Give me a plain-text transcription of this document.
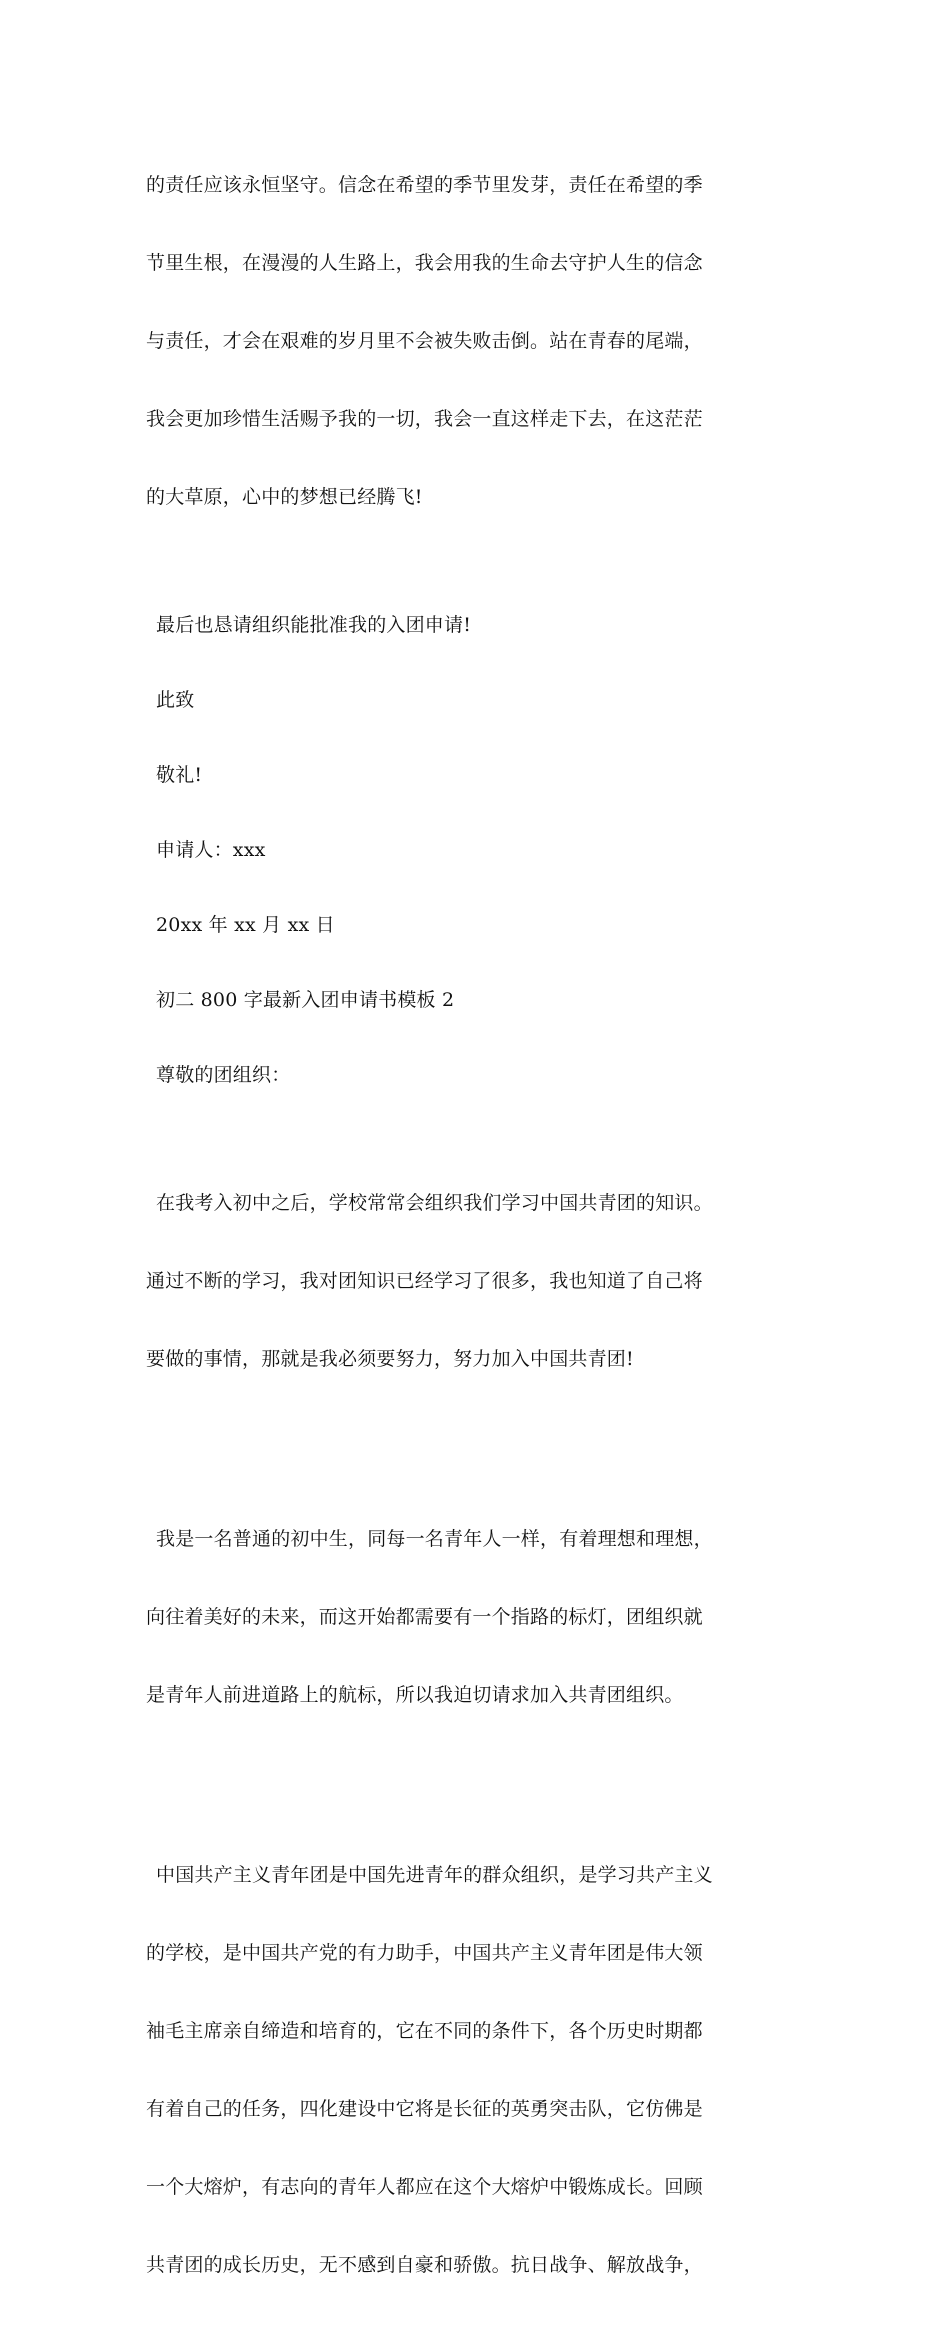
的责任应该永恒坚守。信念在希望的季节里发芽，责任在希望的季

节里生根，在漫漫的人生路上，我会用我的生命去守护人生的信念

与责任，才会在艰难的岁月里不会被失败击倒。站在青春的尾端，

我会更加珍惜生活赐予我的一切，我会一直这样走下去，在这茫茫

的大草原，心中的梦想已经腾飞!

最后也恳请组织能批准我的入团申请!
此致
敬礼!
申请人：xxx
20xx 年 xx 月 xx 日
初二 800 字最新入团申请书模板 2
尊敬的团组织：

在我考入初中之后，学校常常会组织我们学习中国共青团的知识。

通过不断的学习，我对团知识已经学习了很多，我也知道了自己将

要做的事情，那就是我必须要努力，努力加入中国共青团!

我是一名普通的初中生，同每一名青年人一样，有着理想和理想，

向往着美好的未来，而这开始都需要有一个指路的标灯，团组织就

是青年人前进道路上的航标，所以我迫切请求加入共青团组织。

中国共产主义青年团是中国先进青年的群众组织，是学习共产主义

的学校，是中国共产党的有力助手，中国共产主义青年团是伟大领

袖毛主席亲自缔造和培育的，它在不同的条件下，各个历史时期都

有着自己的任务，四化建设中它将是长征的英勇突击队，它仿佛是

一个大熔炉，有志向的青年人都应在这个大熔炉中锻炼成长。回顾

共青团的成长历史，无不感到自豪和骄傲。抗日战争、解放战争，
